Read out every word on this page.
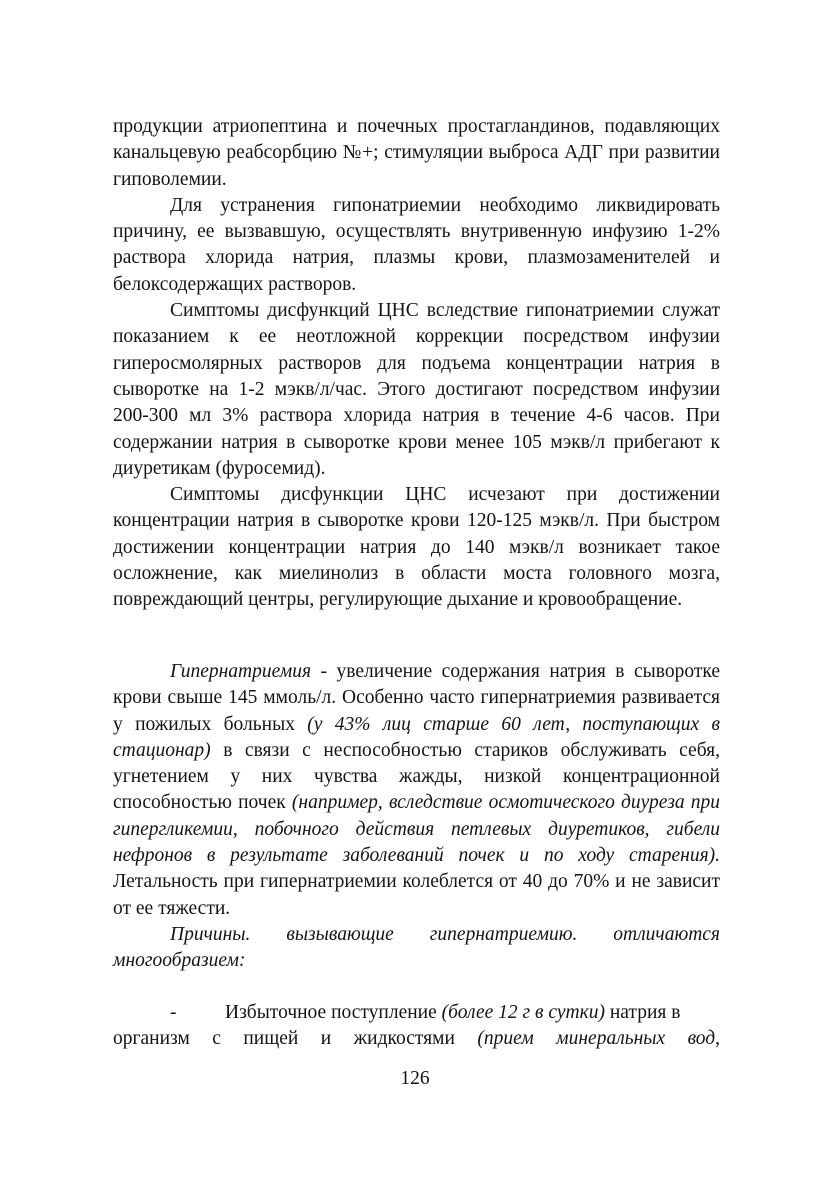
продукции атриопептина и почечных простагландинов, подавляющих канальцевую реабсорбцию №+; стимуляции выброса АДГ при развитии гиповолемии.

Для устранения гипонатриемии необходимо ликвидировать причину, ее вызвавшую, осуществлять внутривенную инфузию 1-2% раствора хлорида натрия, плазмы крови, плазмозаменителей и белоксодержащих растворов.

Симптомы дисфункций ЦНС вследствие гипонатриемии служат показанием к ее неотложной коррекции посредством инфузии гиперосмолярных растворов для подъема концентрации натрия в сыворотке на 1-2 мэкв/л/час. Этого достигают посредством инфузии 200-300 мл 3% раствора хлорида натрия в течение 4-6 часов. При содержании натрия в сыворотке крови менее 105 мэкв/л прибегают к диуретикам (фуросемид).

Симптомы дисфункции ЦНС исчезают при достижении концентрации натрия в сыворотке крови 120-125 мэкв/л. При быстром достижении концентрации натрия до 140 мэкв/л возникает такое осложнение, как миелинолиз в области моста головного мозга, повреждающий центры, регулирующие дыхание и кровообращение.

Гипернатриемия - увеличение содержания натрия в сыворотке крови свыше 145 ммоль/л. Особенно часто гипернатриемия развивается у пожилых больных (у 43% лиц старше 60 лет, поступающих в стационар) в связи с неспособностью стариков обслуживать себя, угнетением у них чувства жажды, низкой концентрационной способностью почек (например, вследствие осмотического диуреза при гипергликемии, побочного действия петлевых диуретиков, гибели нефронов в результате заболеваний почек и по ходу старения). Летальность при гипернатриемии колеблется от 40 до 70% и не зависит от ее тяжести.

Причины. вызывающие гипернатриемию. отличаются многообразием:

- Избыточное поступление (более 12 г в сутки) натрия в
организм с пищей и жидкостями (прием минеральных вод,
126
